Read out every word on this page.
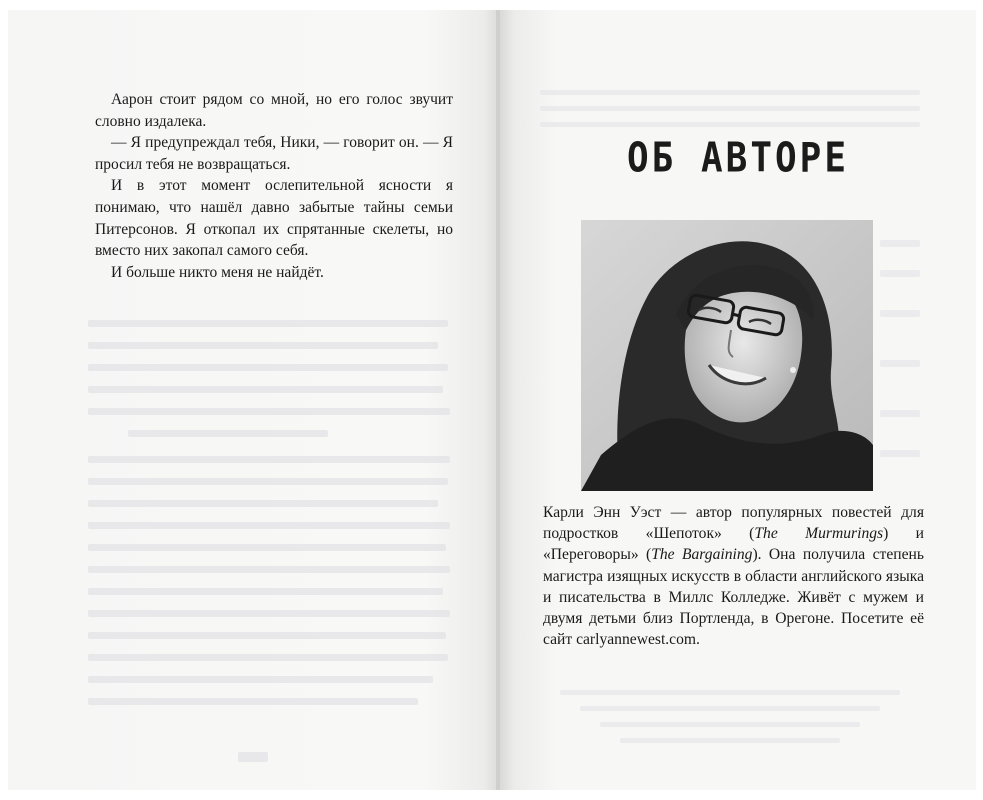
Аарон стоит рядом со мной, но его голос звучит словно издалека.

— Я предупреждал тебя, Ники, — говорит он. — Я просил тебя не возвращаться.

И в этот момент ослепительной ясности я понимаю, что нашёл давно забытые тайны семьи Питерсонов. Я откопал их спрятанные скелеты, но вместо них закопал самого себя.

И больше никто меня не найдёт.

ОБ АВТОРЕ

Карли Энн Уэст — автор популярных повестей для подростков «Шепоток» (The Murmurings) и «Переговоры» (The Bargaining). Она получила степень магистра изящных искусств в области английского языка и писательства в Миллс Колледже. Живёт с мужем и двумя детьми близ Портленда, в Орегоне. Посетите её сайт carlyannewest.com.
